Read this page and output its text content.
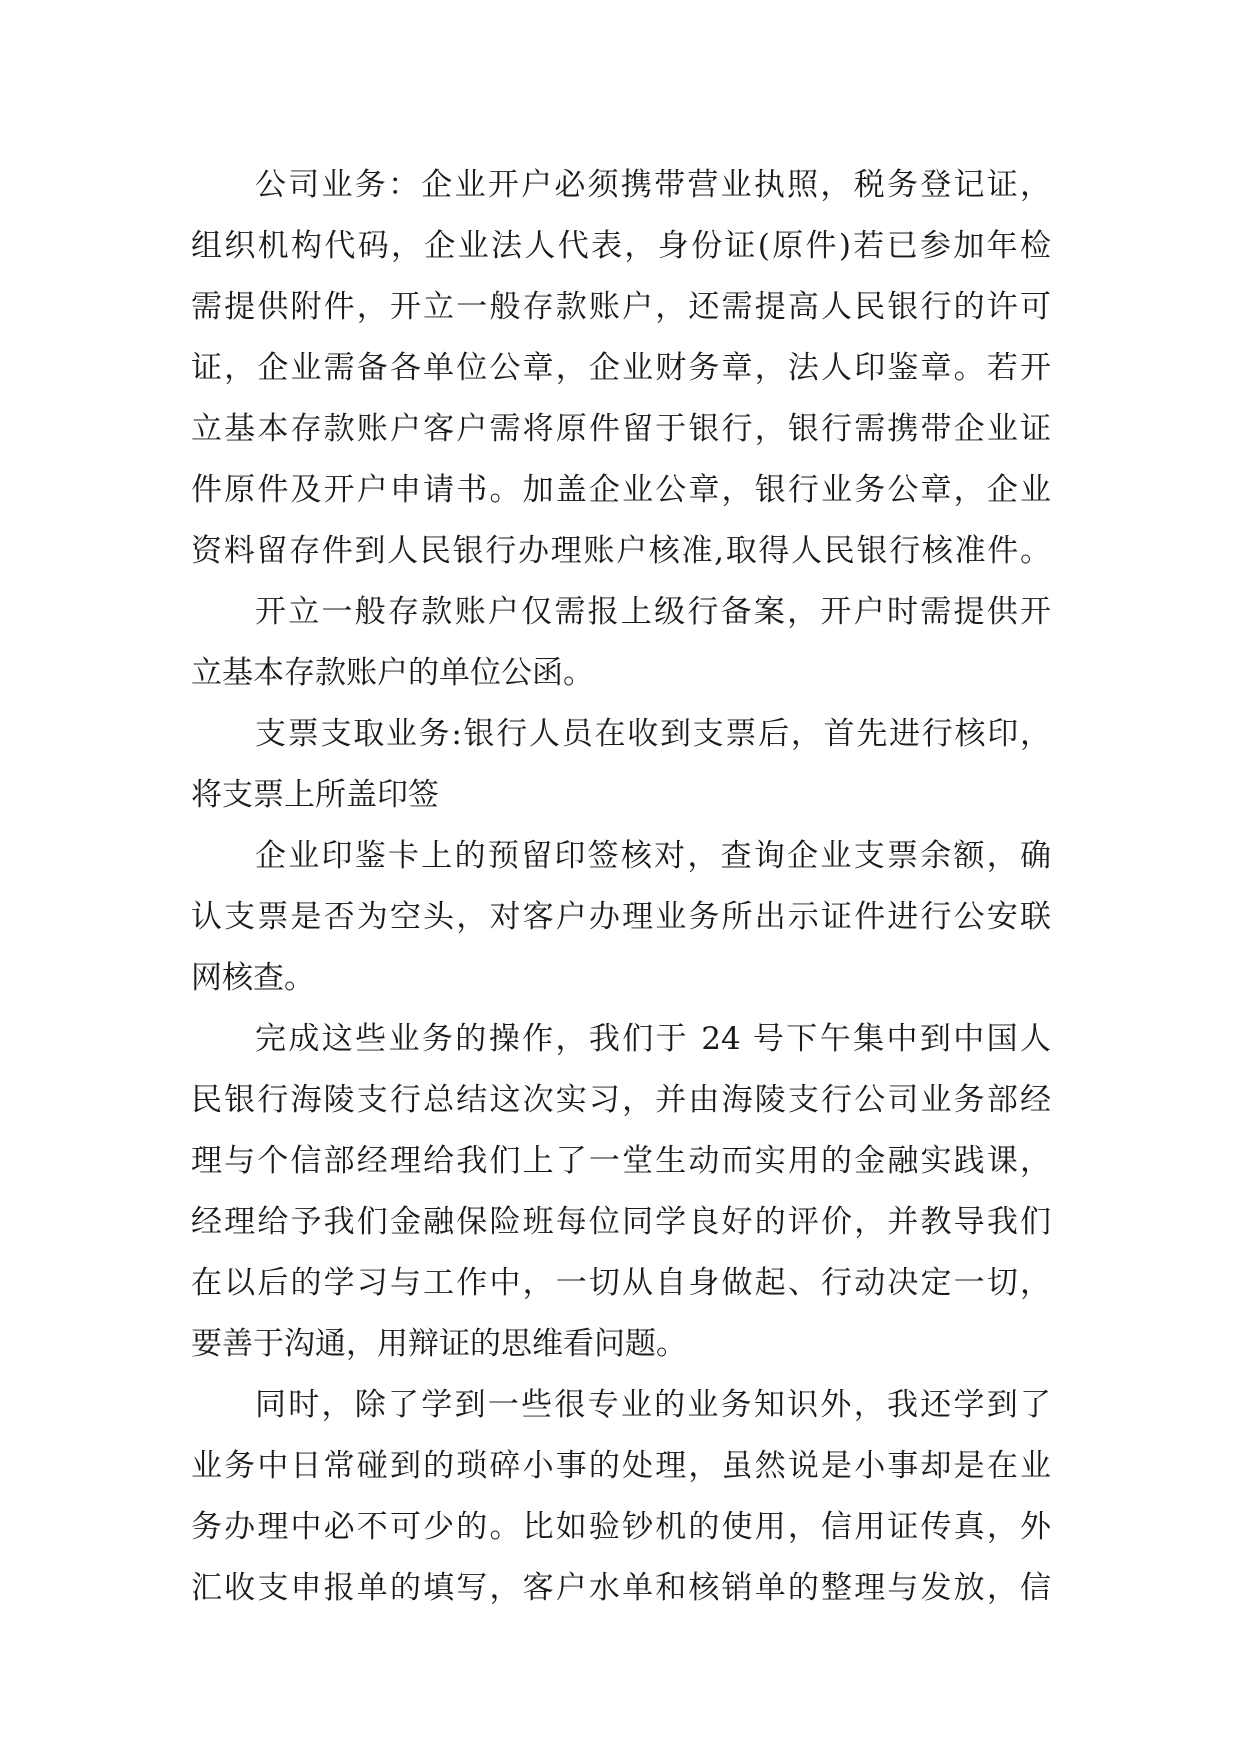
公司业务：企业开户必须携带营业执照，税务登记证，
组织机构代码，企业法人代表，身份证(原件)若已参加年检
需提供附件，开立一般存款账户，还需提高人民银行的许可
证，企业需备各单位公章，企业财务章，法人印鉴章。若开
立基本存款账户客户需将原件留于银行，银行需携带企业证
件原件及开户申请书。加盖企业公章，银行业务公章，企业
资料留存件到人民银行办理账户核准,取得人民银行核准件。
开立一般存款账户仅需报上级行备案，开户时需提供开
立基本存款账户的单位公函。
支票支取业务:银行人员在收到支票后，首先进行核印，
将支票上所盖印签
企业印鉴卡上的预留印签核对，查询企业支票余额，确
认支票是否为空头，对客户办理业务所出示证件进行公安联
网核查。
完成这些业务的操作，我们于 24 号下午集中到中国人
民银行海陵支行总结这次实习，并由海陵支行公司业务部经
理与个信部经理给我们上了一堂生动而实用的金融实践课，
经理给予我们金融保险班每位同学良好的评价，并教导我们
在以后的学习与工作中，一切从自身做起、行动决定一切，
要善于沟通，用辩证的思维看问题。
同时，除了学到一些很专业的业务知识外，我还学到了
业务中日常碰到的琐碎小事的处理，虽然说是小事却是在业
务办理中必不可少的。比如验钞机的使用，信用证传真，外
汇收支申报单的填写，客户水单和核销单的整理与发放，信
